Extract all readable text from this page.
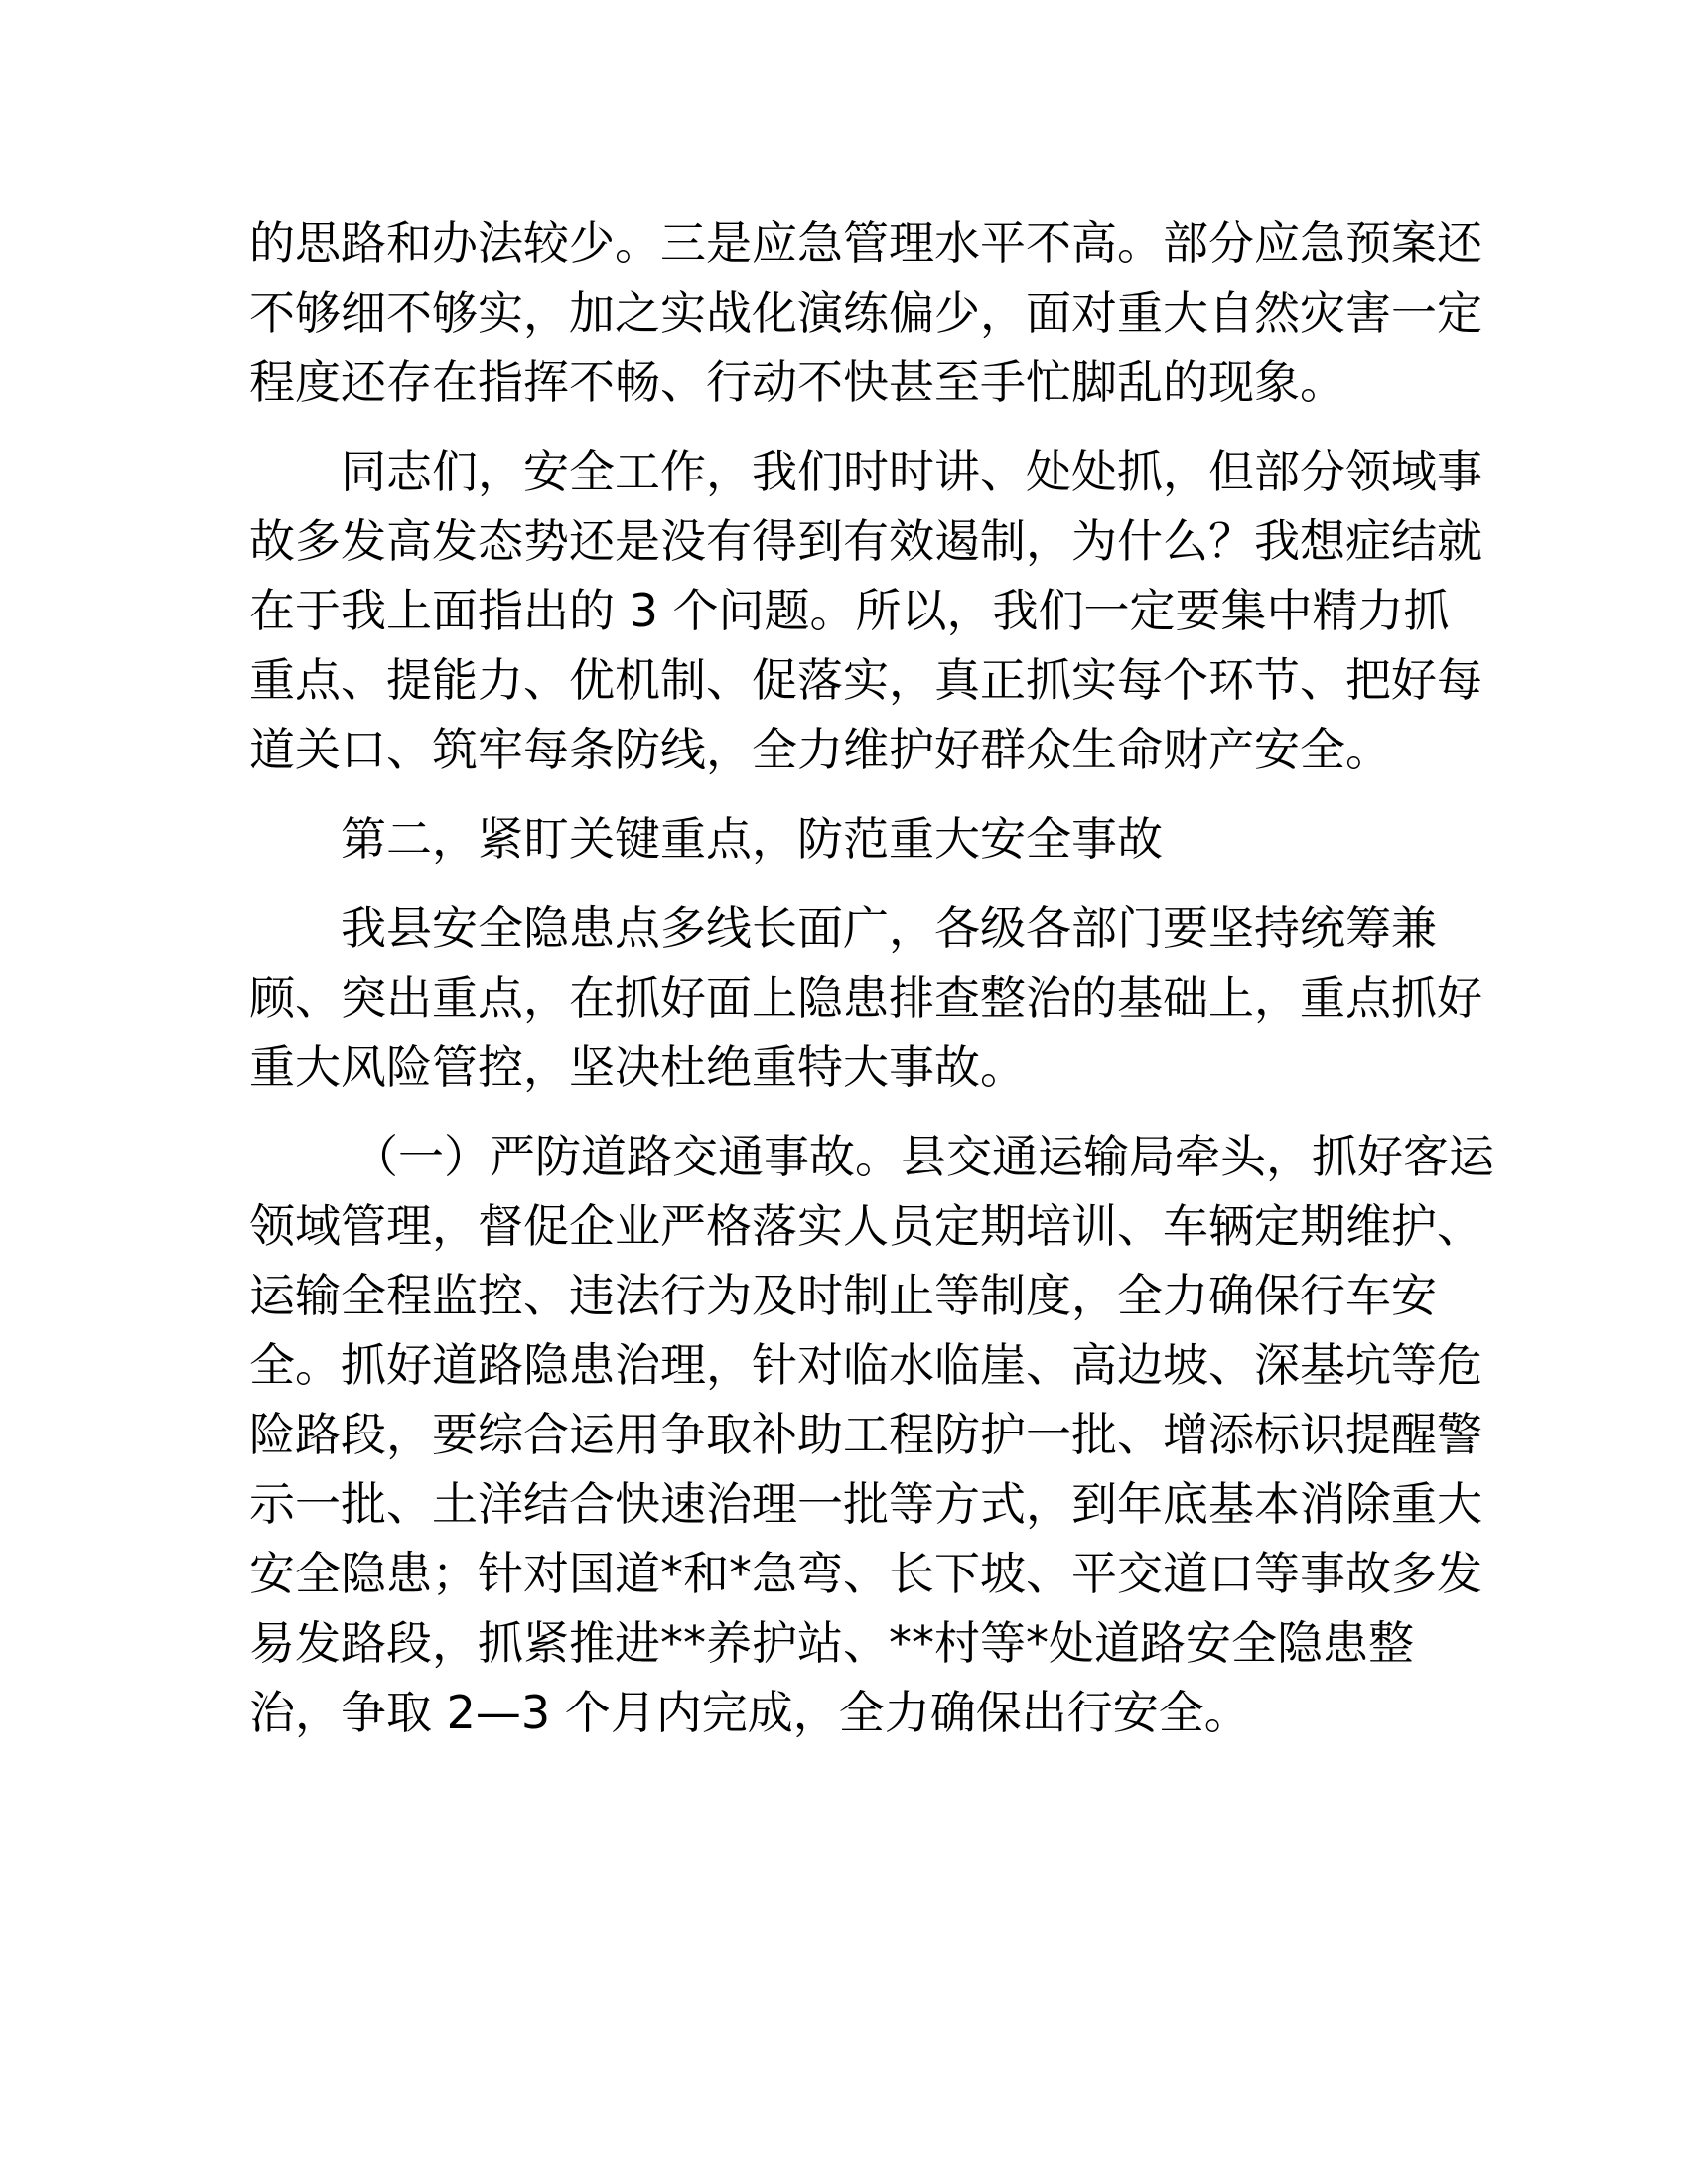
的思路和办法较少。三是应急管理水平不高。部分应急预案还
不够细不够实，加之实战化演练偏少，面对重大自然灾害一定
程度还存在指挥不畅、行动不快甚至手忙脚乱的现象。
同志们，安全工作，我们时时讲、处处抓，但部分领域事
故多发高发态势还是没有得到有效遏制，为什么？我想症结就
在于我上面指出的 3 个问题。所以，我们一定要集中精力抓
重点、提能力、优机制、促落实，真正抓实每个环节、把好每
道关口、筑牢每条防线，全力维护好群众生命财产安全。
第二，紧盯关键重点，防范重大安全事故
我县安全隐患点多线长面广，各级各部门要坚持统筹兼
顾、突出重点，在抓好面上隐患排查整治的基础上，重点抓好
重大风险管控，坚决杜绝重特大事故。
（一）严防道路交通事故。县交通运输局牵头，抓好客运
领域管理，督促企业严格落实人员定期培训、车辆定期维护、
运输全程监控、违法行为及时制止等制度，全力确保行车安
全。抓好道路隐患治理，针对临水临崖、高边坡、深基坑等危
险路段，要综合运用争取补助工程防护一批、增添标识提醒警
示一批、土洋结合快速治理一批等方式，到年底基本消除重大
安全隐患；针对国道*和*急弯、长下坡、平交道口等事故多发
易发路段，抓紧推进**养护站、**村等*处道路安全隐患整
治，争取 2—3 个月内完成，全力确保出行安全。
